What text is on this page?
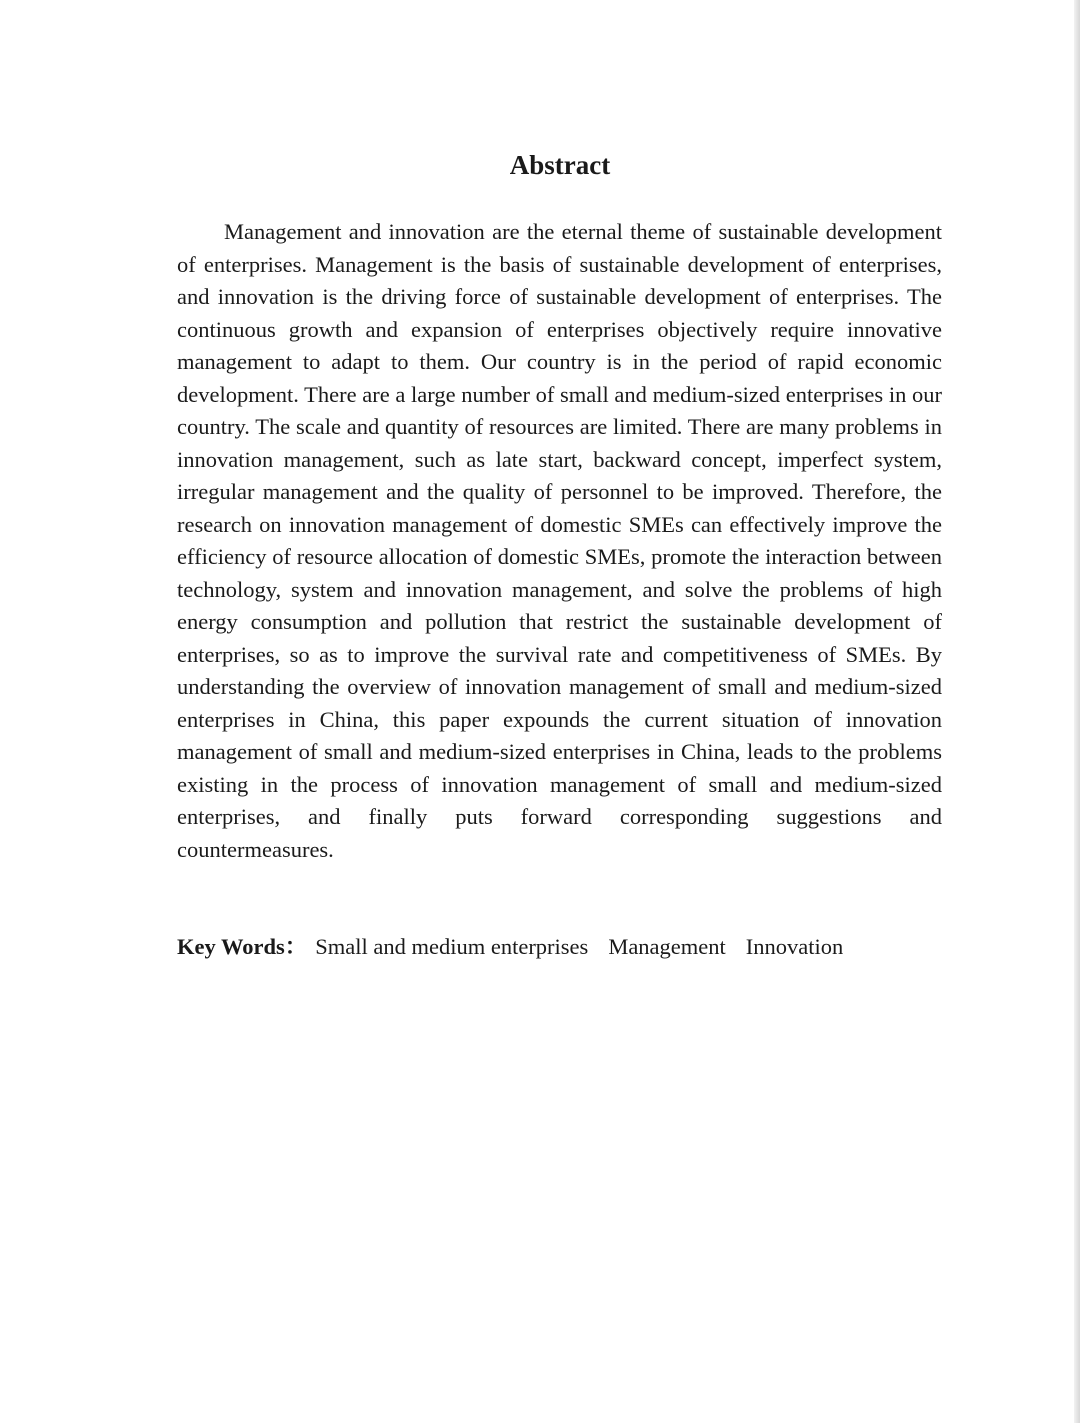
Abstract

Management and innovation are the eternal theme of sustainable development of enterprises. Management is the basis of sustainable development of enterprises, and innovation is the driving force of sustainable development of enterprises. The continuous growth and expansion of enterprises objectively require innovative management to adapt to them. Our country is in the period of rapid economic development. There are a large number of small and medium-sized enterprises in our country. The scale and quantity of resources are limited. There are many problems in innovation management, such as late start, backward concept, imperfect system, irregular management and the quality of personnel to be improved. Therefore, the research on innovation management of domestic SMEs can effectively improve the efficiency of resource allocation of domestic SMEs, promote the interaction between technology, system and innovation management, and solve the problems of high energy consumption and pollution that restrict the sustainable development of enterprises, so as to improve the survival rate and competitiveness of SMEs. By understanding the overview of innovation management of small and medium-sized enterprises in China, this paper expounds the current situation of innovation management of small and medium-sized enterprises in China, leads to the problems existing in the process of innovation management of small and medium-sized enterprises, and finally puts forward corresponding suggestions and countermeasures.

Key Words： Small and medium enterprises Management Innovation
